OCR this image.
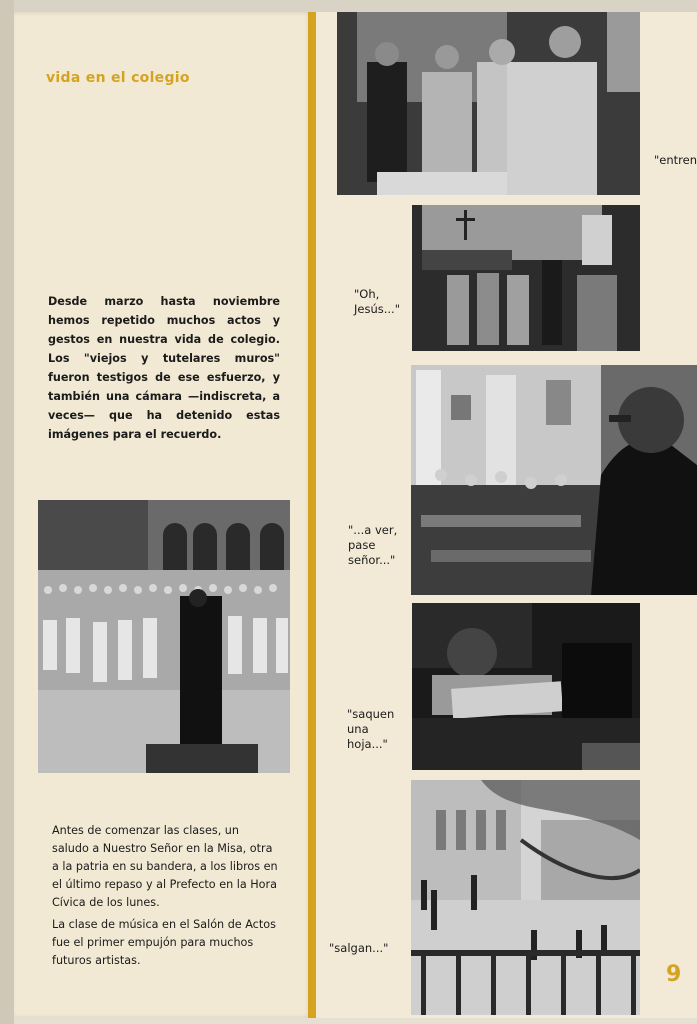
vida en el colegio
Desde marzo hasta noviembre hemos repetido muchos actos y gestos en nuestra vida de colegio. Los "viejos y tutelares muros" fueron testigos de ese esfuerzo, y también una cámara —indiscreta, a veces— que ha detenido estas imágenes para el recuerdo.

Antes de comenzar las clases, un saludo a Nuestro Señor en la Misa, otra a la patria en su bandera, a los libros en el último repaso y al Prefecto en la Hora Cívica de los lunes.

La clase de música en el Salón de Actos fue el primer empujón para muchos futuros artistas.

"entren
"Oh,
Jesús..."
"...a ver,
pase
señor..."
"saquen
una
hoja..."
"salgan..."
9
